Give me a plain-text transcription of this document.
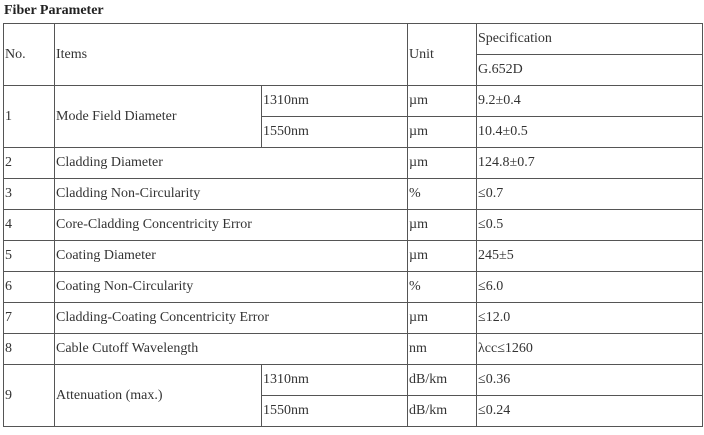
Fiber Parameter
No.	Items		Unit	Specification
				G.652D
1	Mode Field Diameter	1310nm	µm	9.2±0.4
		1550nm	µm	10.4±0.5
2	Cladding Diameter		µm	124.8±0.7
3	Cladding Non-Circularity		%	≤0.7
4	Core-Cladding Concentricity Error		µm	≤0.5
5	Coating Diameter		µm	245±5
6	Coating Non-Circularity		%	≤6.0
7	Cladding-Coating Concentricity Error		µm	≤12.0
8	Cable Cutoff Wavelength		nm	λcc≤1260
9	Attenuation (max.)	1310nm	dB/km	≤0.36
		1550nm	dB/km	≤0.24
